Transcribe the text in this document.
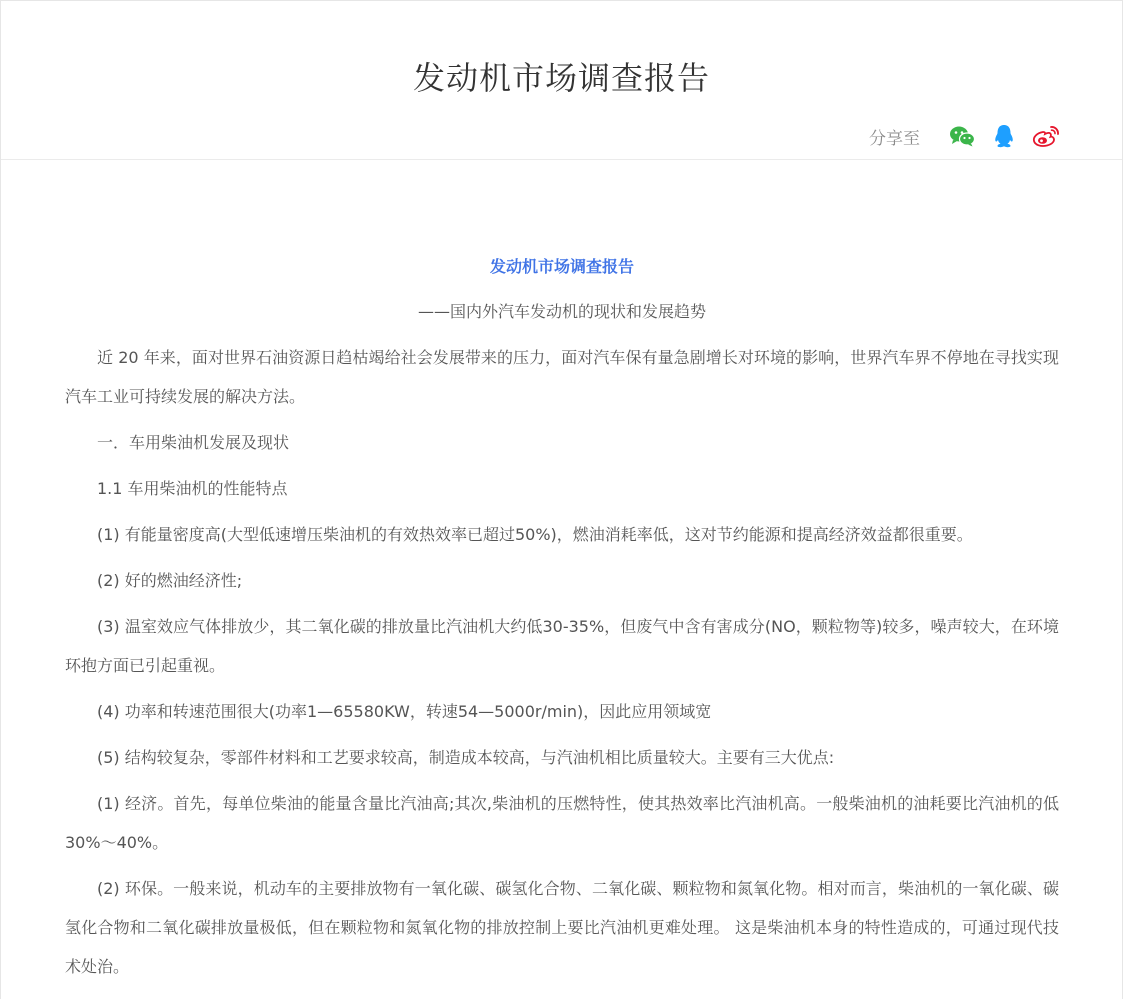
发动机市场调查报告
分享至

发动机市场调查报告

——国内外汽车发动机的现状和发展趋势

近 20 年来，面对世界石油资源日趋枯竭给社会发展带来的压力，面对汽车保有量急剧增长对环境的影响，世界汽车界不停地在寻找实现汽车工业可持续发展的解决方法。

一．车用柴油机发展及现状

1.1 车用柴油机的性能特点

(1) 有能量密度高(大型低速增压柴油机的有效热效率已超过50%)，燃油消耗率低，这对节约能源和提高经济效益都很重要。

(2) 好的燃油经济性;

(3) 温室效应气体排放少，其二氧化碳的排放量比汽油机大约低30-35%，但废气中含有害成分(NO，颗粒物等)较多，噪声较大，在环境环抱方面已引起重视。

(4) 功率和转速范围很大(功率1—65580KW，转速54—5000r/min)，因此应用领域宽

(5) 结构较复杂，零部件材料和工艺要求较高，制造成本较高，与汽油机相比质量较大。主要有三大优点:

(1) 经济。首先，每单位柴油的能量含量比汽油高;其次,柴油机的压燃特性，使其热效率比汽油机高。一般柴油机的油耗要比汽油机的低 30%～40%。

(2) 环保。一般来说，机动车的主要排放物有一氧化碳、碳氢化合物、二氧化碳、颗粒物和氮氧化物。相对而言，柴油机的一氧化碳、碳氢化合物和二氧化碳排放量极低，但在颗粒物和氮氧化物的排放控制上要比汽油机更难处理。 这是柴油机本身的特性造成的，可通过现代技术处治。
